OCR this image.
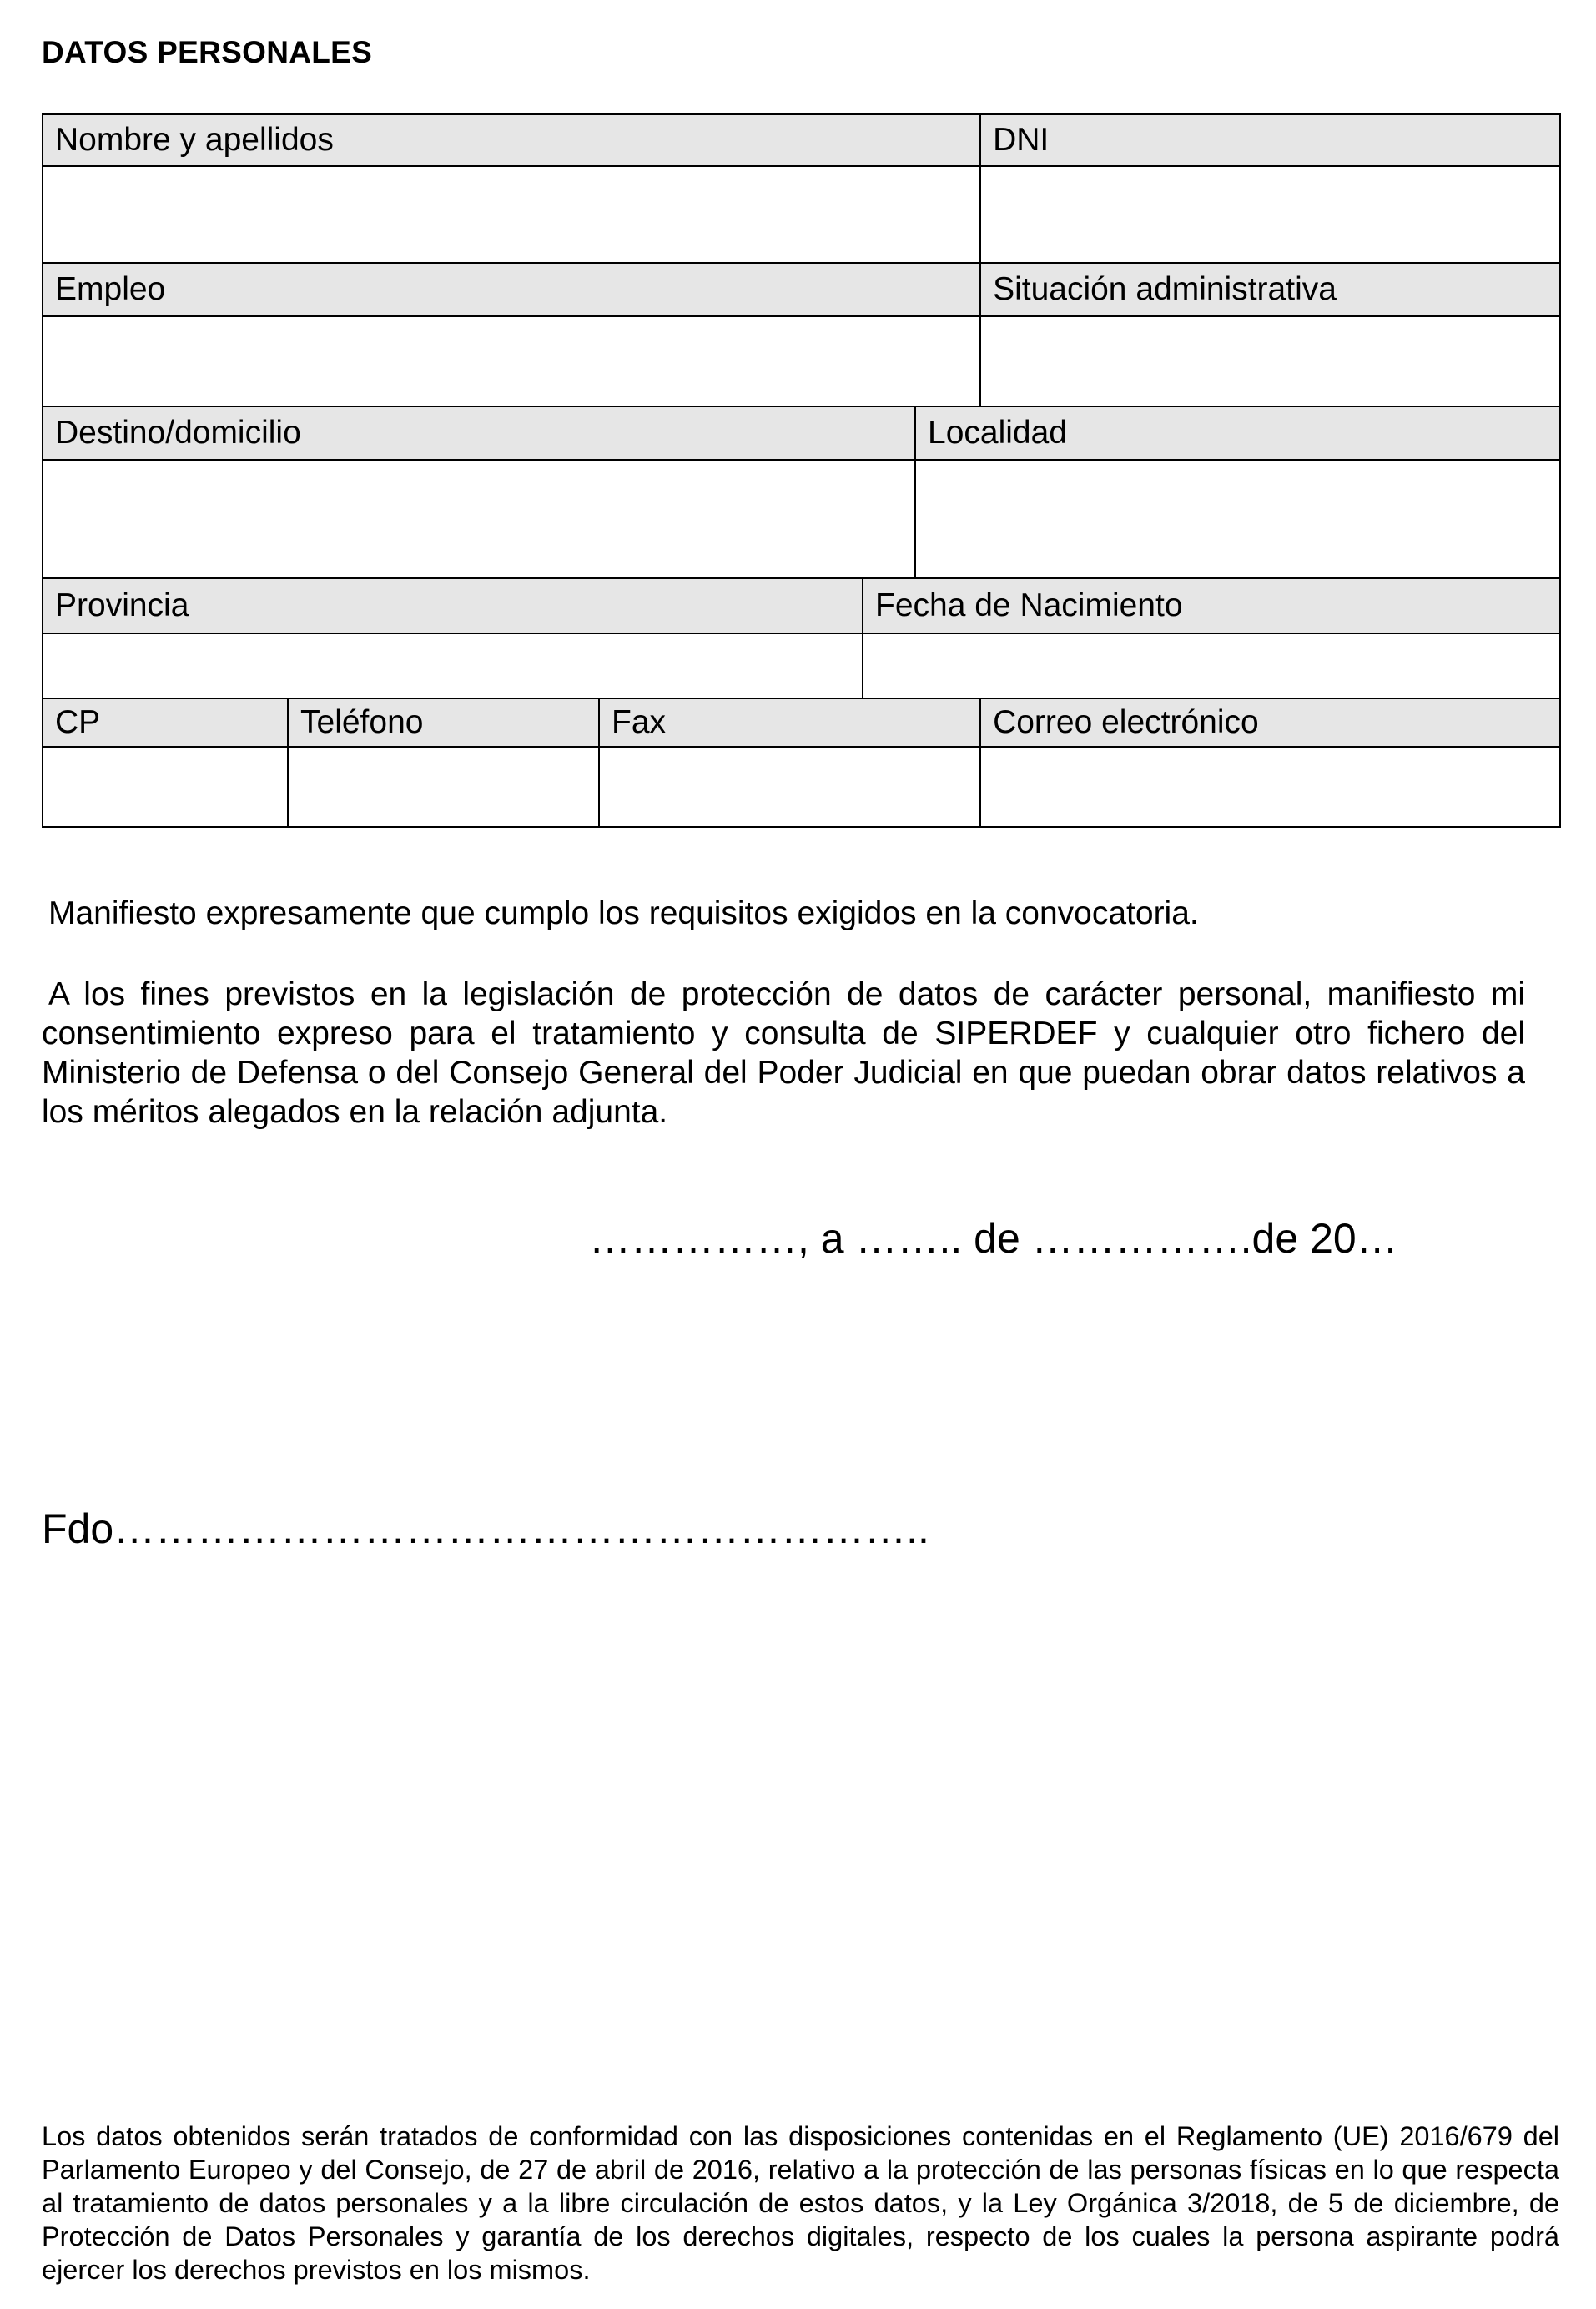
DATOS PERSONALES
Nombre y apellidos					DNI

Empleo					Situación administrativa

Destino/domicilio				Localidad	

Provincia			Fecha de Nacimiento		

CP	Teléfono	Fax			Correo electrónico

Manifiesto expresamente que cumplo los requisitos exigidos en la convocatoria.
A los fines previstos en la legislación de protección de datos de carácter personal, manifiesto mi consentimiento expreso para el tratamiento y consulta de SIPERDEF y cualquier otro fichero del Ministerio de Defensa o del Consejo General del Poder Judicial en que puedan obrar datos relativos a los méritos alegados en la relación adjunta.
……………, a …….. de …………….de 20…
Fdo…………………………………………………..
Los datos obtenidos serán tratados de conformidad con las disposiciones contenidas en el Reglamento (UE) 2016/679 del Parlamento Europeo y del Consejo, de 27 de abril de 2016, relativo a la protección de las personas físicas en lo que respecta al tratamiento de datos personales y a la libre circulación de estos datos, y la Ley Orgánica 3/2018, de 5 de diciembre, de Protección de Datos Personales y garantía de los derechos digitales, respecto de los cuales la persona aspirante podrá ejercer los derechos previstos en los mismos.
